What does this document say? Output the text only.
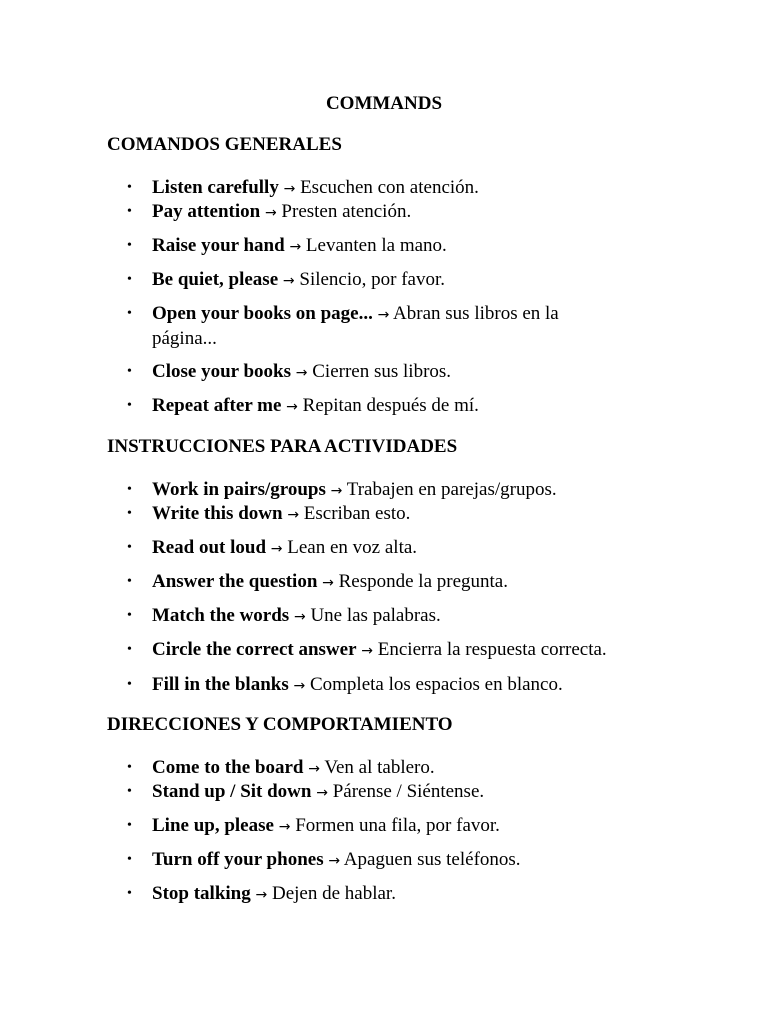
COMMANDS
COMANDOS GENERALES
• Listen carefully → Escuchen con atención.
• Pay attention → Presten atención.
• Raise your hand → Levanten la mano.
• Be quiet, please → Silencio, por favor.
• Open your books on page... → Abran sus libros en la página...
• Close your books → Cierren sus libros.
• Repeat after me → Repitan después de mí.
INSTRUCCIONES PARA ACTIVIDADES
• Work in pairs/groups → Trabajen en parejas/grupos.
• Write this down → Escriban esto.
• Read out loud → Lean en voz alta.
• Answer the question → Responde la pregunta.
• Match the words → Une las palabras.
• Circle the correct answer → Encierra la respuesta correcta.
• Fill in the blanks → Completa los espacios en blanco.
DIRECCIONES Y COMPORTAMIENTO
• Come to the board → Ven al tablero.
• Stand up / Sit down → Párense / Siéntense.
• Line up, please → Formen una fila, por favor.
• Turn off your phones → Apaguen sus teléfonos.
• Stop talking → Dejen de hablar.
